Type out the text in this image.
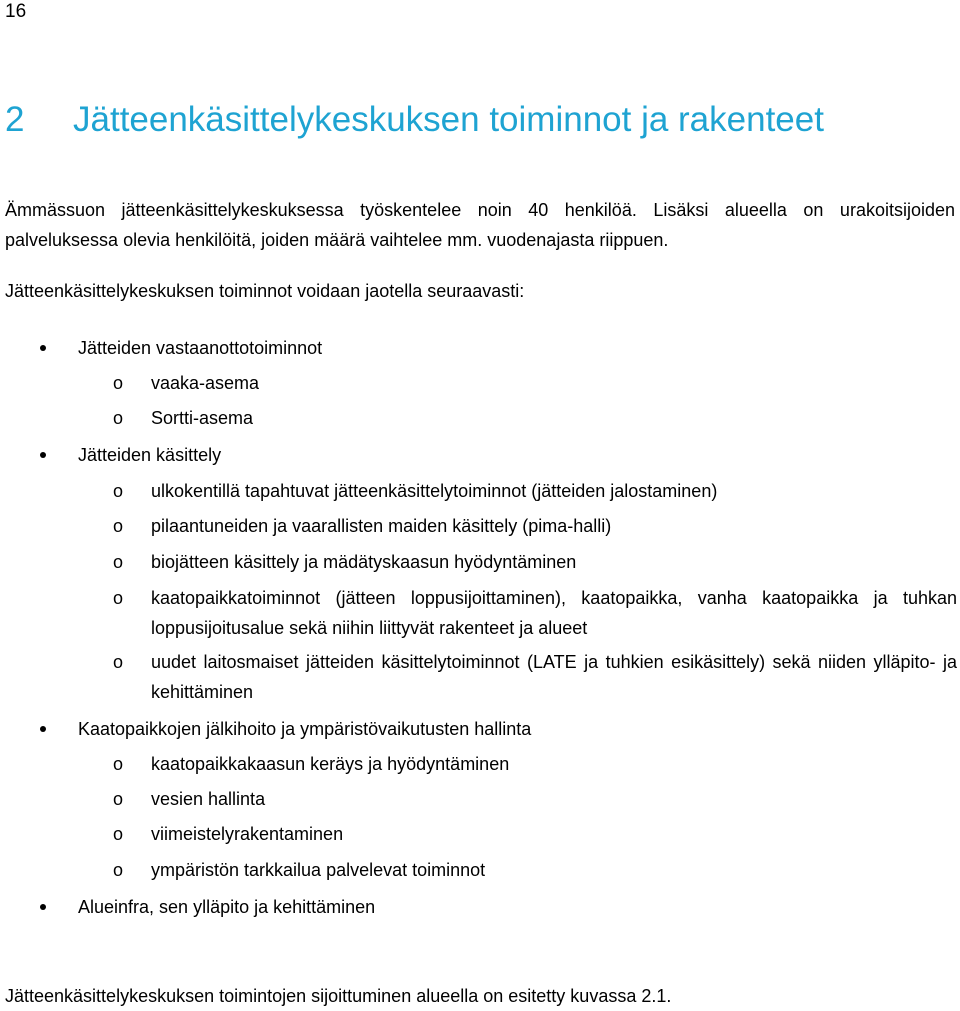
16
2 Jätteenkäsittelykeskuksen toiminnot ja rakenteet

Ämmässuon jätteenkäsittelykeskuksessa työskentelee noin 40 henkilöä. Lisäksi alueella on urakoitsijoiden palveluksessa olevia henkilöitä, joiden määrä vaihtelee mm. vuodenajasta riippuen.

Jätteenkäsittelykeskuksen toiminnot voidaan jaotella seuraavasti:

Jätteiden vastaanottotoiminnot
o vaaka-asema
o Sortti-asema
Jätteiden käsittely
o ulkokentillä tapahtuvat jätteenkäsittelytoiminnot (jätteiden jalostaminen)
o pilaantuneiden ja vaarallisten maiden käsittely (pima-halli)
o biojätteen käsittely ja mädätyskaasun hyödyntäminen
o kaatopaikkatoiminnot (jätteen loppusijoittaminen), kaatopaikka, vanha kaatopaikka ja tuhkan loppusijoitusalue sekä niihin liittyvät rakenteet ja alueet
o uudet laitosmaiset jätteiden käsittelytoiminnot (LATE ja tuhkien esikäsittely) sekä niiden ylläpito- ja kehittäminen
Kaatopaikkojen jälkihoito ja ympäristövaikutusten hallinta
o kaatopaikkakaasun keräys ja hyödyntäminen
o vesien hallinta
o viimeistelyrakentaminen
o ympäristön tarkkailua palvelevat toiminnot
Alueinfra, sen ylläpito ja kehittäminen

Jätteenkäsittelykeskuksen toimintojen sijoittuminen alueella on esitetty kuvassa 2.1.
